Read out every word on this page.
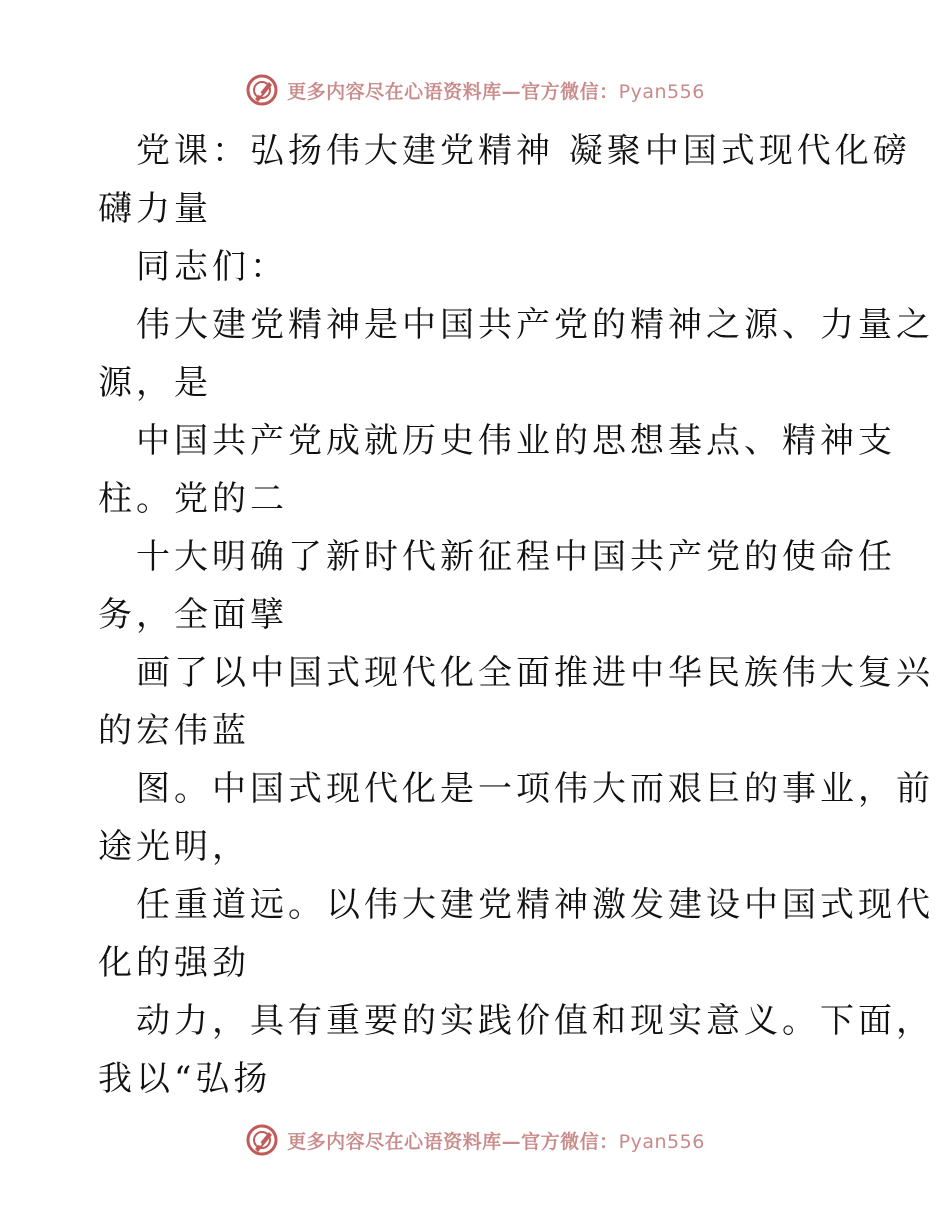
更多内容尽在心语资料库—官方微信：Pyan556
党课：弘扬伟大建党精神 凝聚中国式现代化磅
礴力量
同志们：
伟大建党精神是中国共产党的精神之源、力量之
源，是
中国共产党成就历史伟业的思想基点、精神支
柱。党的二
十大明确了新时代新征程中国共产党的使命任
务，全面擘
画了以中国式现代化全面推进中华民族伟大复兴
的宏伟蓝
图。中国式现代化是一项伟大而艰巨的事业，前
途光明，
任重道远。以伟大建党精神激发建设中国式现代
化的强劲
动力，具有重要的实践价值和现实意义。下面，
我以“弘扬
更多内容尽在心语资料库—官方微信：Pyan556
